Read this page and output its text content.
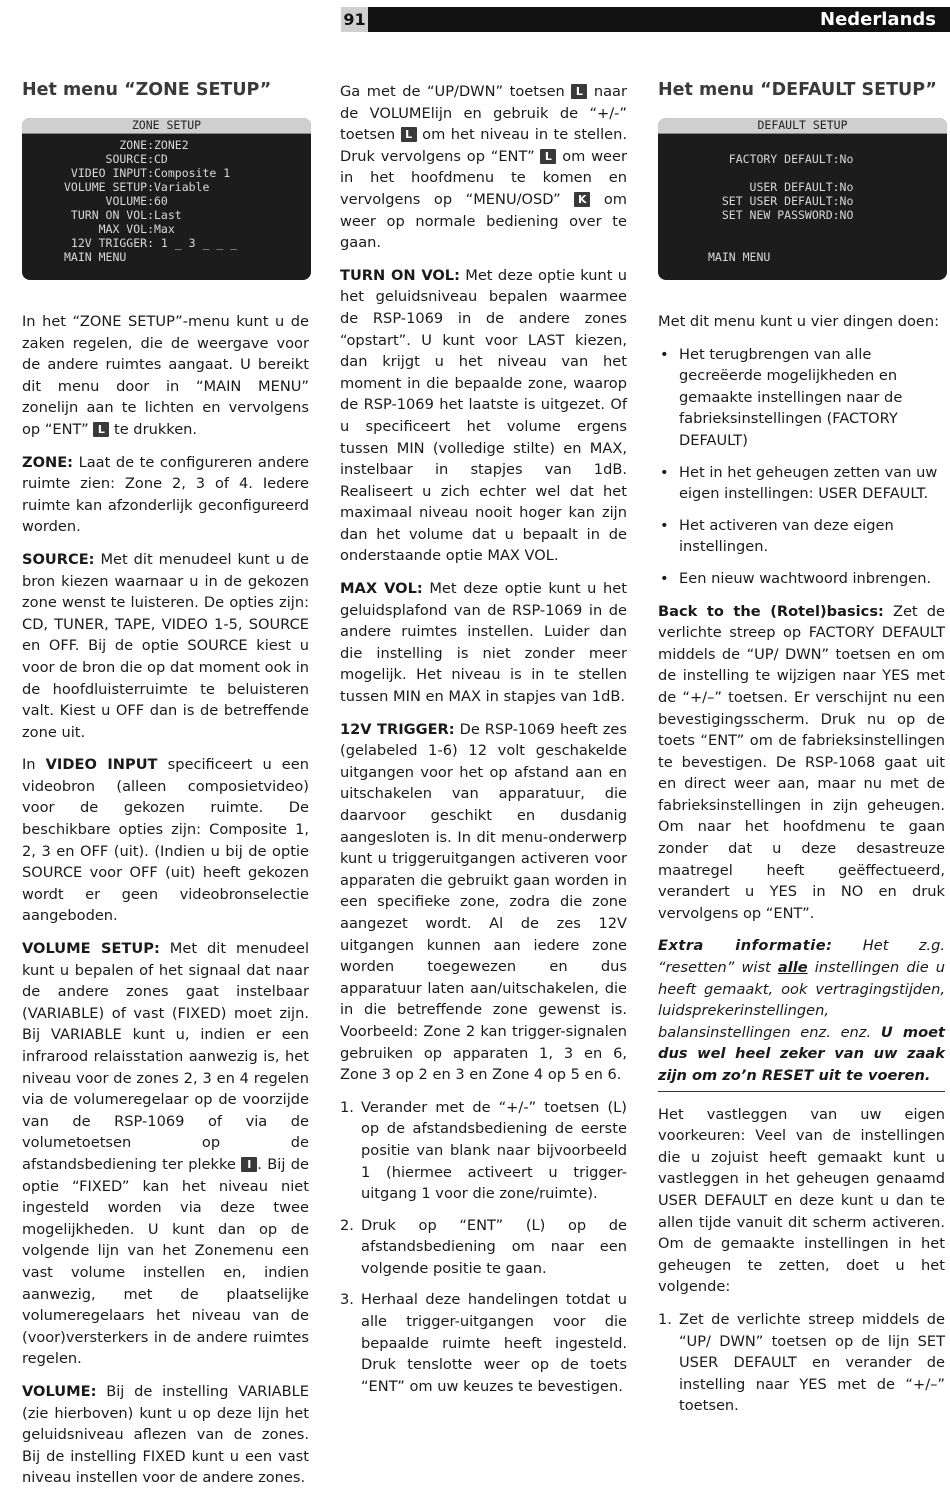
91	Nederlands
Het menu “ZONE SETUP”
ZONE SETUP
ZONE:ZONE2
SOURCE:CD
VIDEO INPUT:Composite 1
VOLUME SETUP:Variable
VOLUME:60
TURN ON VOL:Last
MAX VOL:Max
12V TRIGGER: 1 _ 3 _ _ _
MAIN MENU

In het “ZONE SETUP”-menu kunt u de zaken regelen, die de weergave voor de andere ruimtes aangaat. U bereikt dit menu door in “MAIN MENU” zonelijn aan te lichten en vervolgens op “ENT” L te drukken.

ZONE: Laat de te configureren andere ruimte zien: Zone 2, 3 of 4. Iedere ruimte kan afzonderlijk geconfigureerd worden.

SOURCE: Met dit menudeel kunt u de bron kiezen waarnaar u in de gekozen zone wenst te luisteren. De opties zijn: CD, TUNER, TAPE, VIDEO 1-5, SOURCE en OFF. Bij de optie SOURCE kiest u voor de bron die op dat moment ook in de hoofdluisterruimte te beluisteren valt. Kiest u OFF dan is de betreffende zone uit.

In VIDEO INPUT specificeert u een videobron (alleen composietvideo) voor de gekozen ruimte. De beschikbare opties zijn: Composite 1, 2, 3 en OFF (uit). (Indien u bij de optie SOURCE voor OFF (uit) heeft gekozen wordt er geen videobronselectie aangeboden.

VOLUME SETUP: Met dit menudeel kunt u bepalen of het signaal dat naar de andere zones gaat instelbaar (VARIABLE) of vast (FIXED) moet zijn. Bij VARIABLE kunt u, indien er een infrarood relaisstation aanwezig is, het niveau voor de zones 2, 3 en 4 regelen via de volumeregelaar op de voorzijde van de RSP-1069 of via de volumetoetsen op de afstandsbediening ter plekke I . Bij de optie “FIXED” kan het niveau niet ingesteld worden via deze twee mogelijkheden. U kunt dan op de volgende lijn van het Zonemenu een vast volume instellen en, indien aanwezig, met de plaatselijke volumeregelaars het niveau van de (voor)versterkers in de andere ruimtes regelen.

VOLUME: Bij de instelling VARIABLE (zie hierboven) kunt u op deze lijn het geluidsniveau aflezen van de zones. Bij de instelling FIXED kunt u een vast niveau instellen voor de andere zones.

Ga met de “UP/DWN” toetsen L naar de VOLUMElijn en gebruik de “+/-” toetsen L om het niveau in te stellen. Druk vervolgens op “ENT” L om weer in het hoofdmenu te komen en vervolgens op “MENU/OSD” K om weer op normale bediening over te gaan.

TURN ON VOL: Met deze optie kunt u het geluidsniveau bepalen waarmee de RSP-1069 in de andere zones “opstart”. U kunt voor LAST kiezen, dan krijgt u het niveau van het moment in die bepaalde zone, waarop de RSP-1069 het laatste is uitgezet. Of u specificeert het volume ergens tussen MIN (volledige stilte) en MAX, instelbaar in stapjes van 1dB. Realiseert u zich echter wel dat het maximaal niveau nooit hoger kan zijn dan het volume dat u bepaalt in de onderstaande optie MAX VOL.

MAX VOL: Met deze optie kunt u het geluidsplafond van de RSP-1069 in de andere ruimtes instellen. Luider dan die instelling is niet zonder meer mogelijk. Het niveau is in te stellen tussen MIN en MAX in stapjes van 1dB.

12V TRIGGER: De RSP-1069 heeft zes (gelabeled 1-6) 12 volt geschakelde uitgangen voor het op afstand aan en uitschakelen van apparatuur, die daarvoor geschikt en dusdanig aangesloten is. In dit menu-onderwerp kunt u triggeruitgangen activeren voor apparaten die gebruikt gaan worden in een specifieke zone, zodra die zone aangezet wordt. Al de zes 12V uitgangen kunnen aan iedere zone worden toegewezen en dus apparatuur laten aan/uitschakelen, die in die betreffende zone gewenst is. Voorbeeld: Zone 2 kan trigger-signalen gebruiken op apparaten 1, 3 en 6, Zone 3 op 2 en 3 en Zone 4 op 5 en 6.

1. Verander met de “+/-” toetsen (L) op de afstandsbediening de eerste positie van blank naar bijvoorbeeld 1 (hiermee activeert u trigger-uitgang 1 voor die zone/ruimte).
2. Druk op “ENT” (L) op de afstandsbediening om naar een volgende positie te gaan.
3. Herhaal deze handelingen totdat u alle trigger-uitgangen voor die bepaalde ruimte heeft ingesteld. Druk tenslotte weer op de toets “ENT” om uw keuzes te bevestigen.
Het menu “DEFAULT SETUP”
DEFAULT SETUP

FACTORY DEFAULT:No

USER DEFAULT:No
SET USER DEFAULT:No
SET NEW PASSWORD:NO

MAIN MENU

Met dit menu kunt u vier dingen doen:

• Het terugbrengen van alle gecreëerde mogelijkheden en gemaakte instellingen naar de fabrieksinstellingen (FACTORY DEFAULT)
• Het in het geheugen zetten van uw eigen instellingen: USER DEFAULT.
• Het activeren van deze eigen instellingen.
• Een nieuw wachtwoord inbrengen.

Back to the (Rotel)basics: Zet de verlichte streep op FACTORY DEFAULT middels de “UP/ DWN” toetsen en om de instelling te wijzigen naar YES met de “+/–” toetsen. Er verschijnt nu een bevestigingsscherm. Druk nu op de toets “ENT” om de fabrieksinstellingen te bevestigen. De RSP-1068 gaat uit en direct weer aan, maar nu met de fabrieksinstellingen in zijn geheugen. Om naar het hoofdmenu te gaan zonder dat u deze desastreuze maatregel heeft geëffectueerd, verandert u YES in NO en druk vervolgens op “ENT”.

Extra informatie: Het z.g. “resetten” wist alle instellingen die u heeft gemaakt, ook vertragingstijden, luidsprekerinstellingen, balansinstellingen enz. enz. U moet dus wel heel zeker van uw zaak zijn om zo’n RESET uit te voeren.

Het vastleggen van uw eigen voorkeuren: Veel van de instellingen die u zojuist heeft gemaakt kunt u vastleggen in het geheugen genaamd USER DEFAULT en deze kunt u dan te allen tijde vanuit dit scherm activeren. Om de gemaakte instellingen in het geheugen te zetten, doet u het volgende:

1. Zet de verlichte streep middels de “UP/ DWN” toetsen op de lijn SET USER DEFAULT en verander de instelling naar YES met de “+/–” toetsen.
